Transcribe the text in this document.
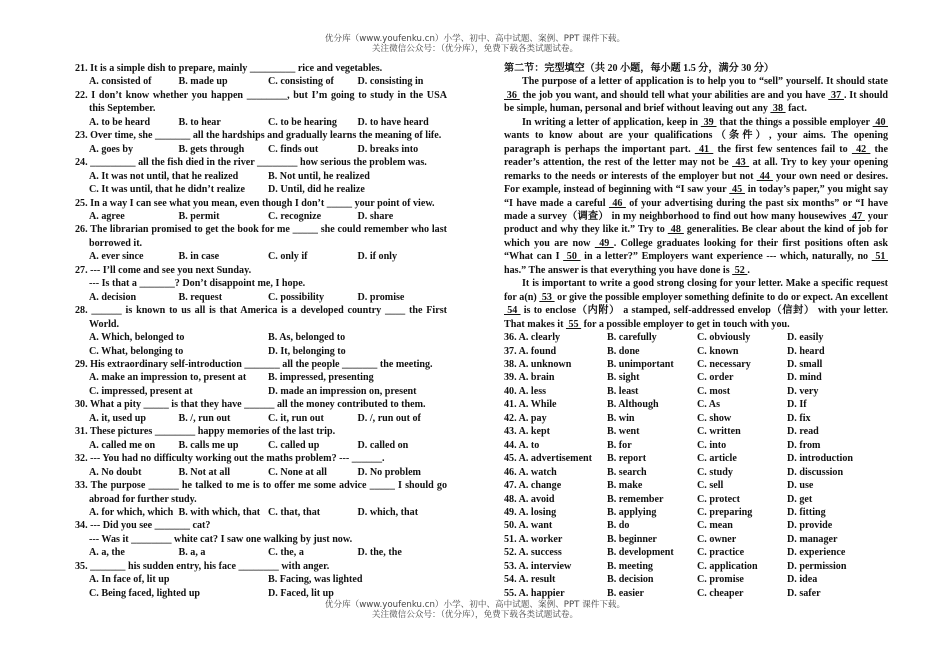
优分库（www.youfenku.cn）小学、初中、高中试题、案例、PPT 课件下载。
关注微信公众号：（优分库），免费下载各类试题试卷。
21. It is a simple dish to prepare, mainly _________ rice and vegetables.
A. consisted of	B. made up	C. consisting of	D. consisting in
22. I don’t know whether you happen ________, but I’m going to study in the USA this September.
A. to be heard	B. to hear	C. to be hearing	D. to have heard
23. Over time, she _______ all the hardships and gradually learns the meaning of life.
A. goes by	B. gets through	C. finds out	D. breaks into
24. _________ all the fish died in the river ________ how serious the problem was.
A. It was not until, that he realized	B. Not until, he realized
C. It was until, that he didn’t realize	D. Until, did he realize
25. In a way I can see what you mean, even though I don’t _____ your point of view.
A. agree	B. permit	C. recognize	D. share
26. The librarian promised to get the book for me _____ she could remember who last borrowed it.
A. ever since	B. in case	C. only if	D. if only
27. --- I’ll come and see you next Sunday.
--- Is that a _______? Don’t disappoint me, I hope.
A. decision	B. request	C. possibility	D. promise
28. ______ is known to us all is that America is a developed country ____ the First World.
A. Which, belonged to	B. As, belonged to
C. What, belonging to	D. It, belonging to
29. His extraordinary self-introduction _______ all the people _______ the meeting.
A. make an impression to, present at	B. impressed, presenting
C. impressed, present at	D. made an impression on, present
30. What a pity _____ is that they have ______ all the money contributed to them.
A. it, used up	B. /, run out	C. it, run out	D. /, run out of
31. These pictures ________ happy memories of the last trip.
A. called me on	B. calls me up	C. called up	D. called on
32. --- You had no difficulty working out the maths problem? --- ______.
A. No doubt	B. Not at all	C. None at all	D. No problem
33. The purpose ______ he talked to me is to offer me some advice _____ I should go abroad for further study.
A. for which, which B. with which, that C. that, that	D. which, that
34. --- Did you see _______ cat?
--- Was it ________ white cat? I saw one walking by just now.
A. a, the	B. a, a	C. the, a	D. the, the
35. _______ his sudden entry, his face ________ with anger.
A. In face of, lit up	B. Facing, was lighted
C. Being faced, lighted up	D. Faced, lit up
第二节：完型填空（共 20 小题，每小题 1.5 分，满分 30 分）

The purpose of a letter of application is to help you to “sell” yourself. It should state  36  the job you want, and should tell what your abilities are and you have  37 . It should be simple, human, personal and brief without leaving out any  38  fact.

In writing a letter of application, keep in  39  that the things a possible employer  40  wants to know about are your qualifications（条件）, your aims. The opening paragraph is perhaps the important part.  41  the first few sentences fail to  42  the reader’s attention, the rest of the letter may not be  43  at all. Try to key your opening remarks to the needs or interests of the employer but not  44  your own need or desires. For example, instead of beginning with “I saw your  45  in today’s paper,” you might say “I have made a careful  46  of your advertising during the past six months” or “I have made a survey（调查） in my neighborhood to find out how many housewives  47  your product and why they like it.” Try to  48  generalities. Be clear about the kind of job for which you are now  49 . College graduates looking for their first positions often ask “What can I  50  in a letter?” Employers want experience --- which, naturally, no  51  has.” The answer is that everything you have done is  52 .

It is important to write a good strong closing for your letter. Make a specific request for a(n)  53  or give the possible employer something definite to do or expect. An excellent  54  is to enclose（内附） a stamped, self-addressed envelop（信封） with your letter. That makes it  55  for a possible employer to get in touch with you.

36. A. clearly	B. carefully	C. obviously	D. easily
37. A. found	B. done	C. known	D. heard
38. A. unknown	B. unimportant	C. necessary	D. small
39. A. brain	B. sight	C. order	D. mind
40. A. less	B. least	C. most	D. very
41. A. While	B. Although	C. As	D. If
42. A. pay	B. win	C. show	D. fix
43. A. kept	B. went	C. written	D. read
44. A. to	B. for	C. into	D. from
45. A. advertisement	B. report	C. article	D. introduction
46. A. watch	B. search	C. study	D. discussion
47. A. change	B. make	C. sell	D. use
48. A. avoid	B. remember	C. protect	D. get
49. A. losing	B. applying	C. preparing	D. fitting
50. A. want	B. do	C. mean	D. provide
51. A. worker	B. beginner	C. owner	D. manager
52. A. success	B. development	C. practice	D. experience
53. A. interview	B. meeting	C. application	D. permission
54. A. result	B. decision	C. promise	D. idea
55. A. happier	B. easier	C. cheaper	D. safer
优分库（www.youfenku.cn）小学、初中、高中试题、案例、PPT 课件下载。
关注微信公众号：（优分库），免费下载各类试题试卷。
